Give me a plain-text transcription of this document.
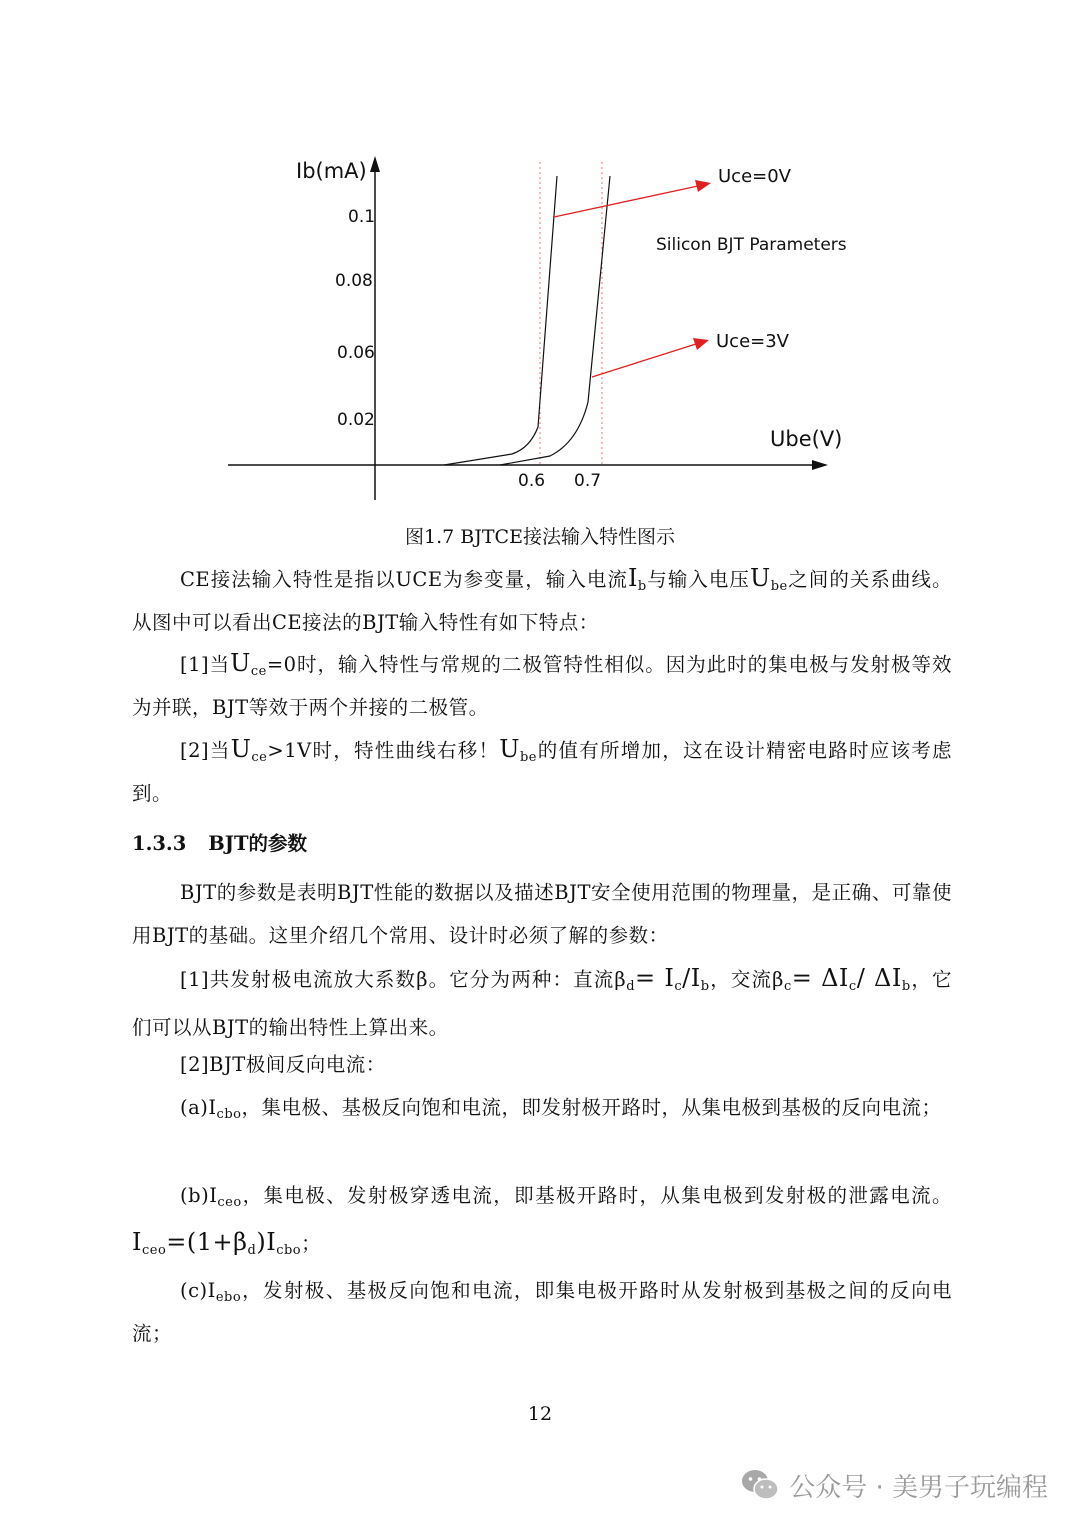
Ib(mA)
Ube(V)
0.1
0.08
0.06
0.02
0.6 0.7
Uce=0V
Uce=3V
Silicon BJT Parameters
图1.7 BJTCE接法输入特性图示
CE接法输入特性是指以UCE为参变量，输入电流$I_b$与输入电压$U_{be}$之间的关系曲线。从图中可以看出CE接法的BJT输入特性有如下特点：
[1]当$U_{ce}=0$时，输入特性与常规的二极管特性相似。因为此时的集电极与发射极等效为并联，BJT等效于两个并接的二极管。
[2]当$U_{ce}>1V$时，特性曲线右移！$U_{be}$的值有所增加，这在设计精密电路时应该考虑到。
1.3.3 BJT的参数
BJT的参数是表明BJT性能的数据以及描述BJT安全使用范围的物理量，是正确、可靠使用BJT的基础。这里介绍几个常用、设计时必须了解的参数：
[1]共发射极电流放大系数β。它分为两种：直流$\beta_d= I_c/I_b$，交流$\beta_c= \Delta I_c/$ $\Delta I_b$，它们可以从BJT的输出特性上算出来。
[2]BJT极间反向电流：
$(a)I_{cbo}$，集电极、基极反向饱和电流，即发射极开路时，从集电极到基极的反向电流；
$(b)I_{ceo}$，集电极、发射极穿透电流，即基极开路时，从集电极到发射极的泄露电流。$I_{ceo}=(1+\beta_d)I_{cbo}$；
$(c)I_{ebo}$，发射极、基极反向饱和电流，即集电极开路时从发射极到基极之间的反向电流；
12
公众号 · 美男子玩编程
